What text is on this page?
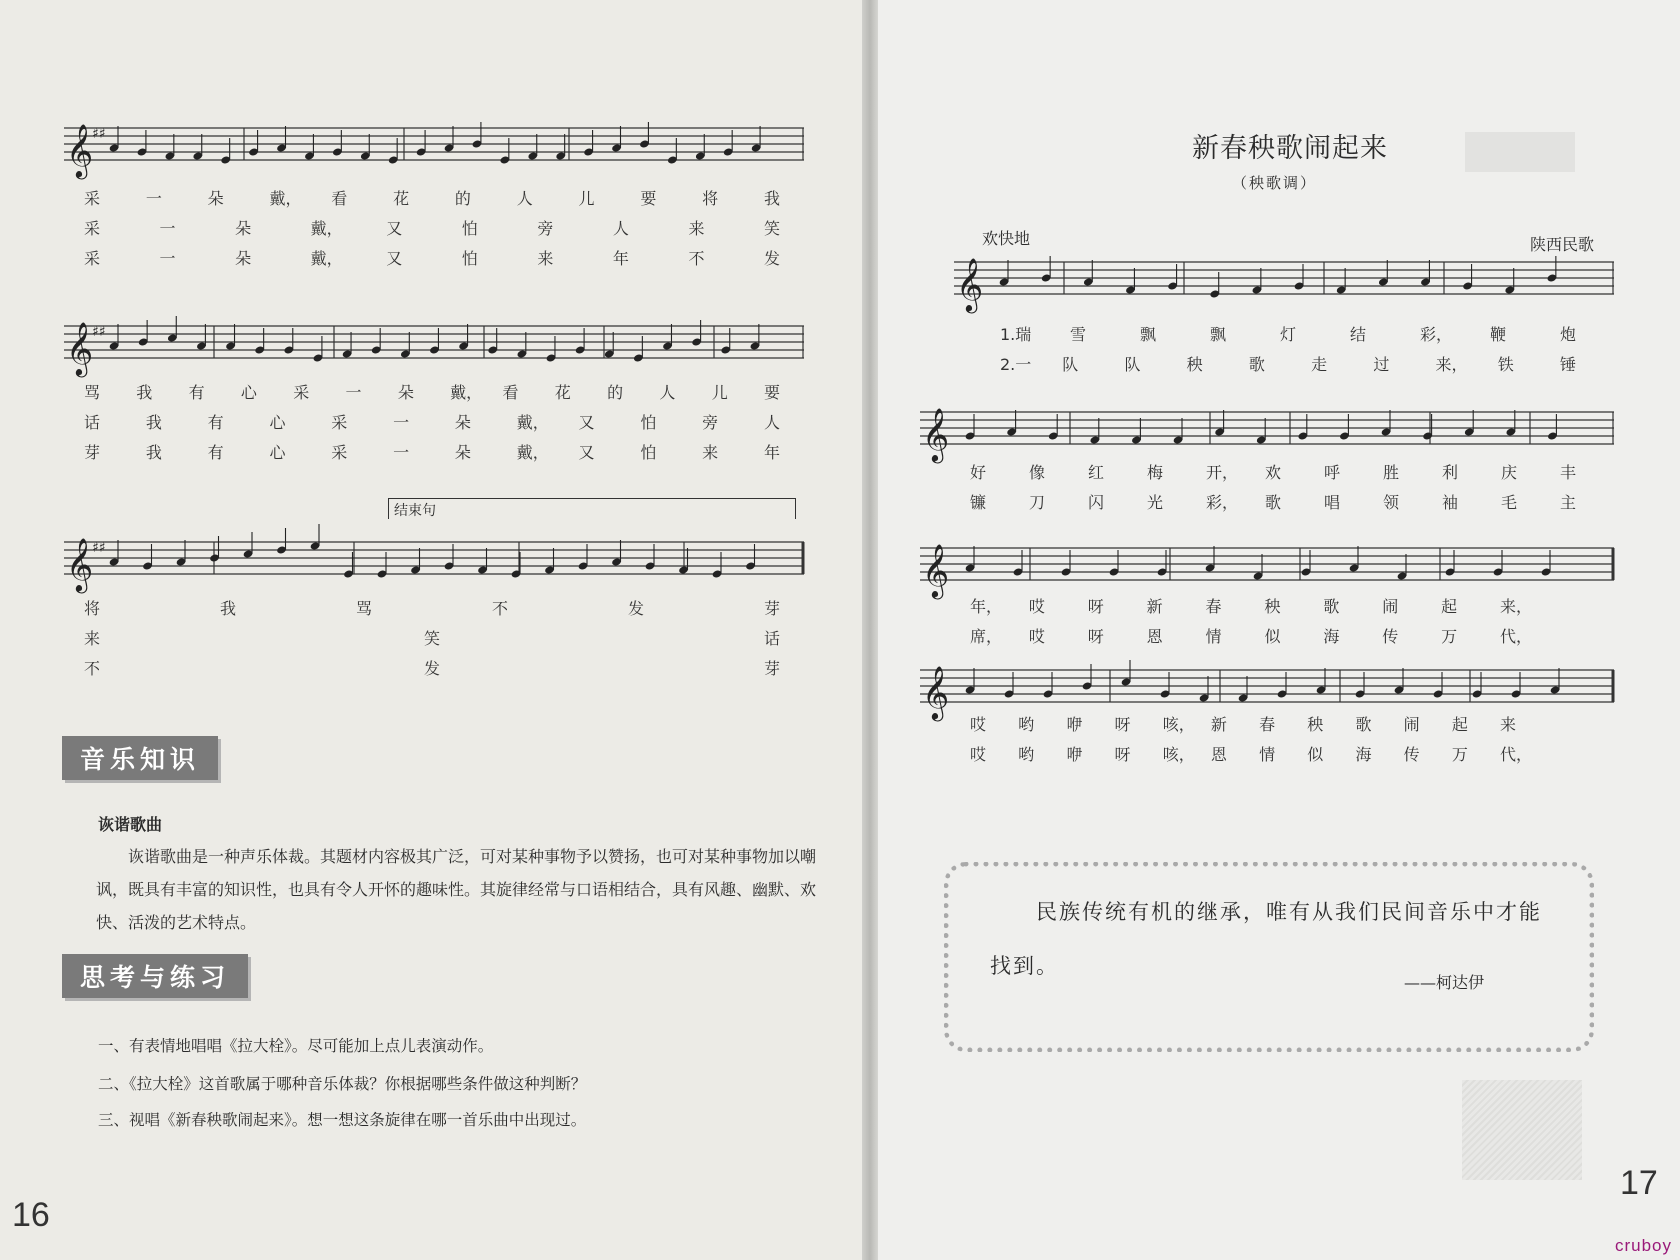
𝄞
♯♯
采	一	朵	戴， 看	花	的	人	儿	要	将	我
采	一	朵	戴，	又	怕	旁	人	来	笑
采	一	朵	戴，	又	怕	来	年	不	发
𝄞
♯♯
骂 我 有 心 采 一 朵 戴， 看 花 的 人 儿 要
话	我	有	心	采	一	朵	戴， 又	怕	旁	人
芽	我	有	心	采	一	朵	戴， 又	怕	来	年
结束句
𝄞
♯♯
将	我	骂	不	发	芽
来	笑	话
不	发	芽
音乐知识
诙谐歌曲
诙谐歌曲是一种声乐体裁。其题材内容极其广泛，可对某种事物予以赞扬，也可对某种事物加以嘲讽，既具有丰富的知识性，也具有令人开怀的趣味性。其旋律经常与口语相结合，具有风趣、幽默、欢快、活泼的艺术特点。
思考与练习
一、有表情地唱唱《拉大栓》。尽可能加上点儿表演动作。
二、《拉大栓》这首歌属于哪种音乐体裁？你根据哪些条件做这种判断？
三、视唱《新春秧歌闹起来》。想一想这条旋律在哪一首乐曲中出现过。
16
新春秧歌闹起来
（秧歌调）
欢快地	陕西民歌
𝄞
1.瑞 雪	飘	飘	灯	结	彩， 鞭	炮
2.一 队	队	秧	歌	走	过	来， 铁	锤
𝄞
好	像	红	梅	开， 欢	呼	胜	利	庆	丰
镰	刀	闪	光	彩， 歌	唱	领	袖	毛	主
𝄞
年， 哎	呀	新	春	秧	歌	闹	起	来，
席， 哎	呀	恩	情	似	海	传	万	代，
𝄞
哎 哟 咿 呀 咳， 新 春 秧 歌 闹 起 来
哎 哟 咿 呀 咳， 恩 情 似 海 传 万 代，
民族传统有机的继承，唯有从我们民间音乐中才能
找到。
——柯达伊
17
cruboy
